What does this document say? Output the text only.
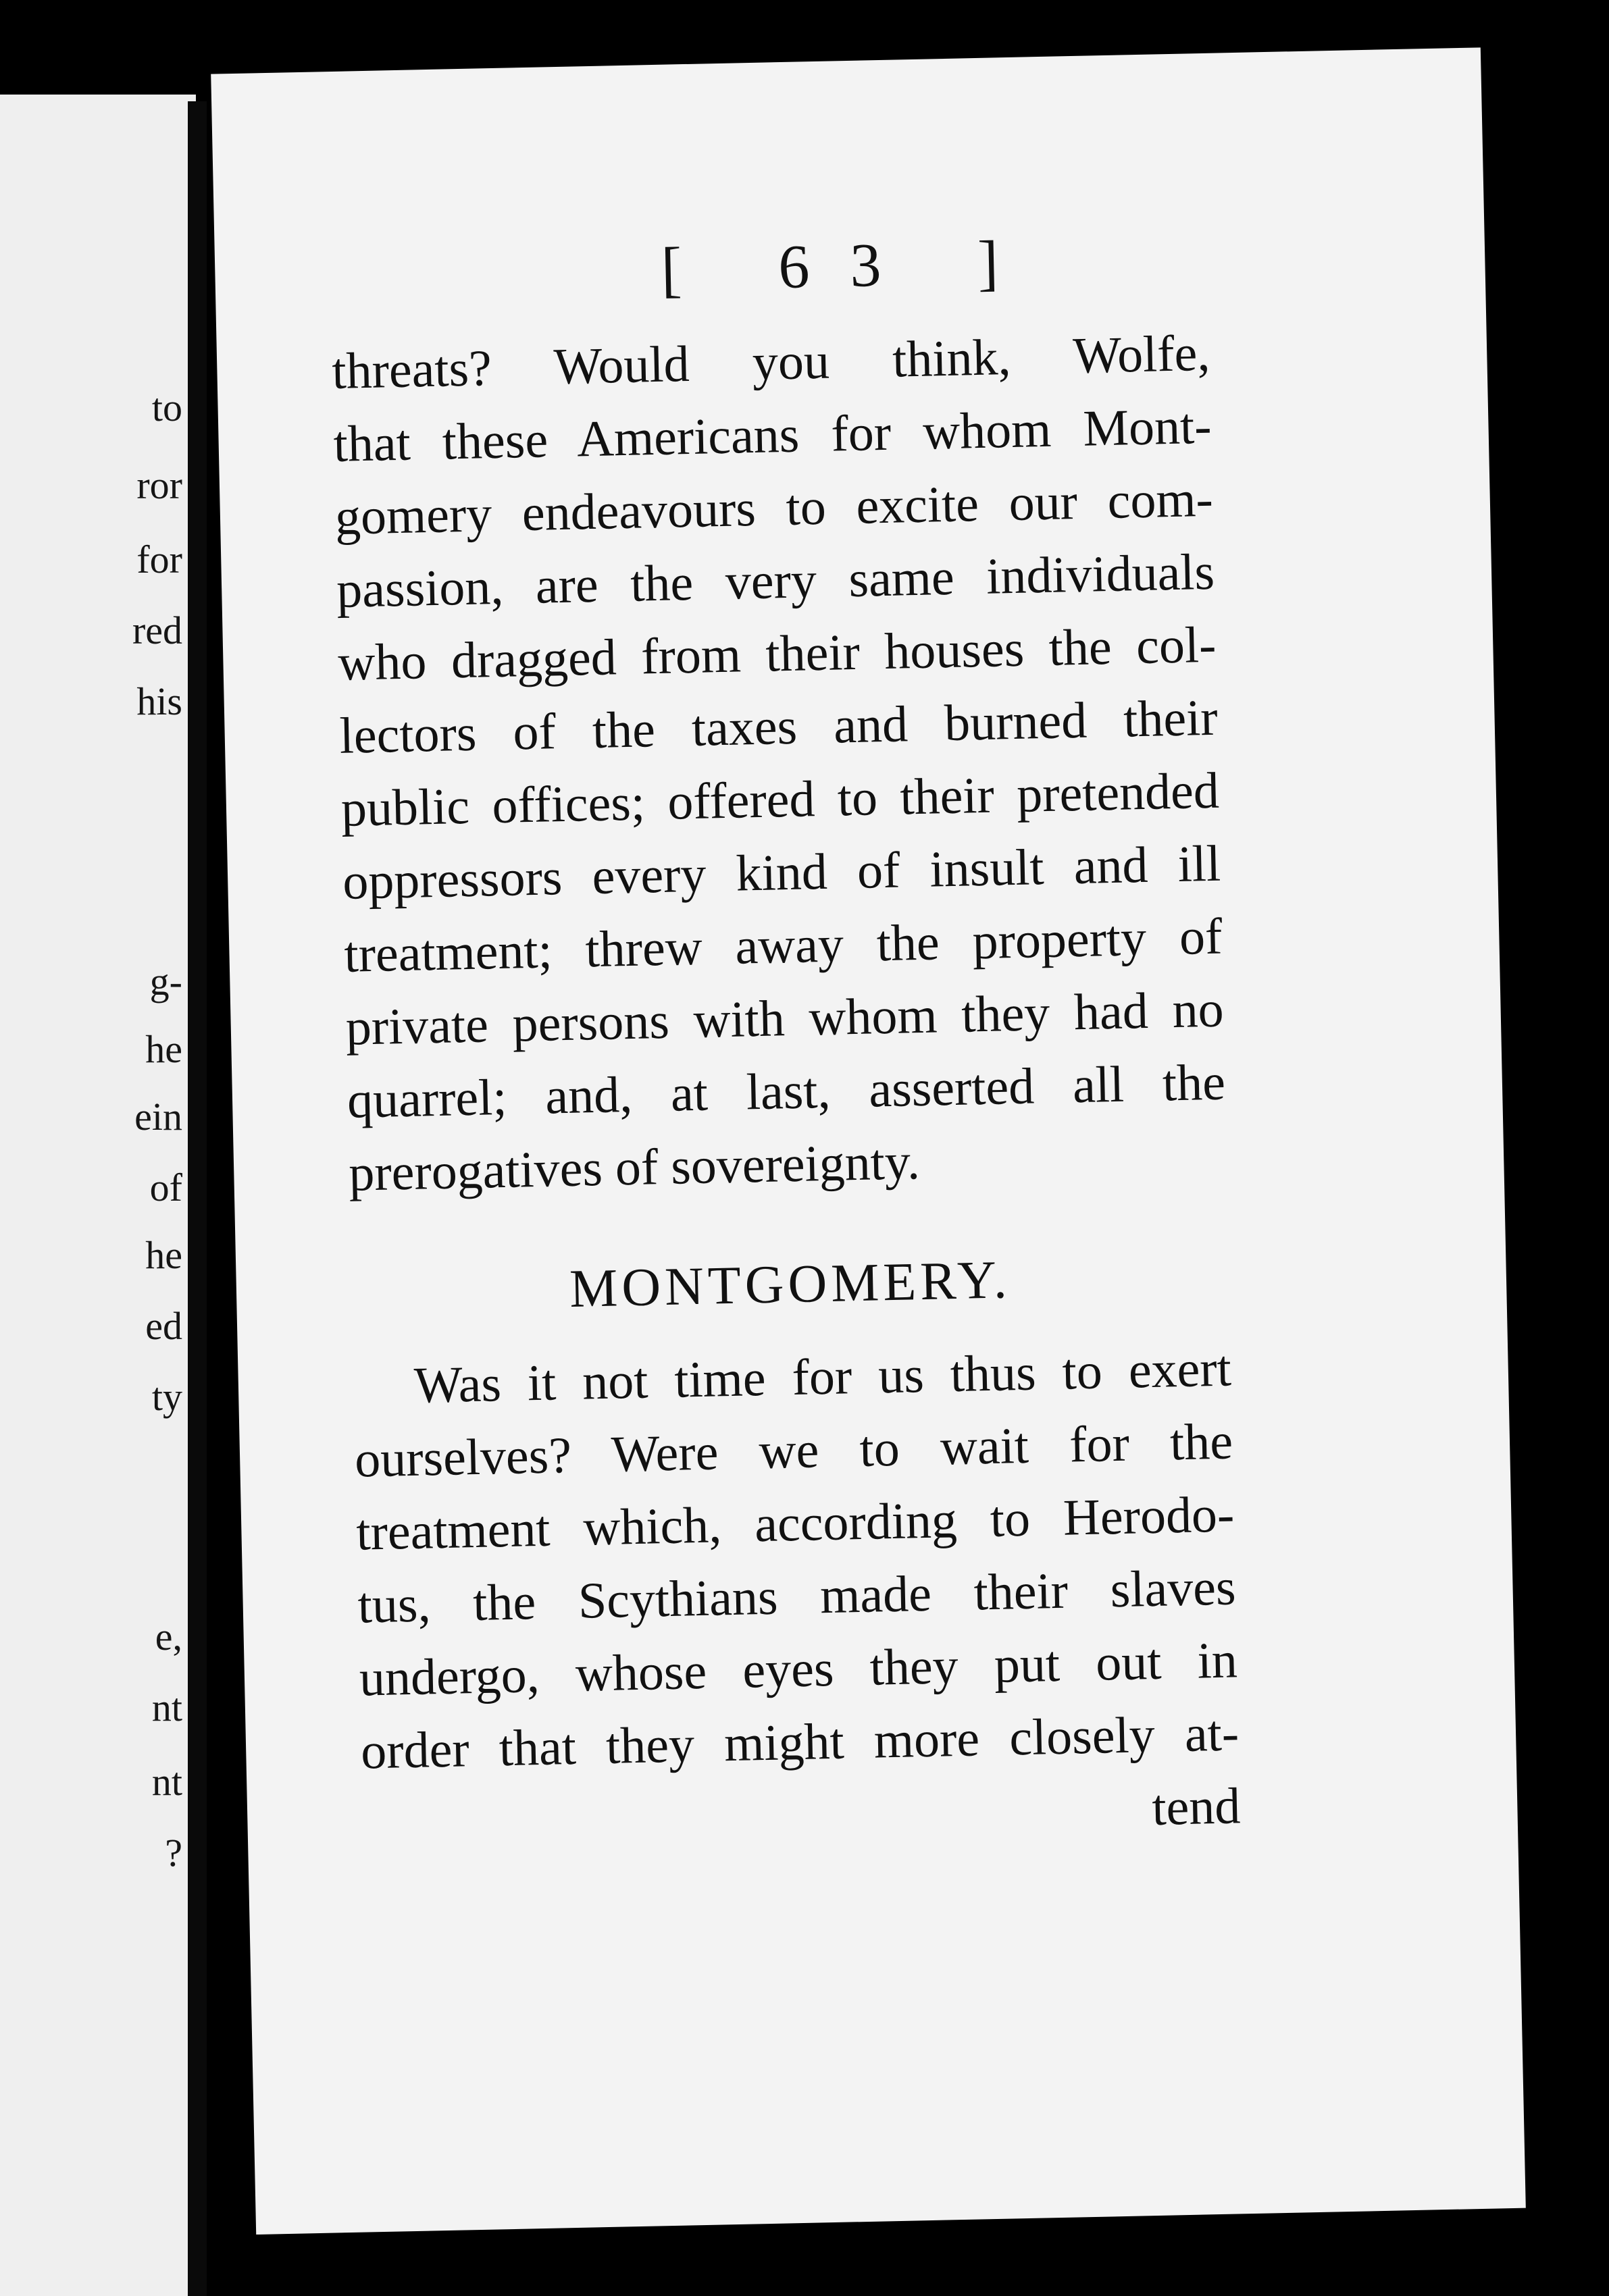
to
ror
for
red
his
g-
he
ein
of
he
ed
ty
e,
nt
nt
?
[ 63 ]
threats? Would you think, Wolfe,
that these Americans for whom Mont-
gomery endeavours to excite our com-
passion, are the very same individuals
who dragged from their houses the col-
lectors of the taxes and burned their
public offices; offered to their pretended
oppressors every kind of insult and ill
treatment; threw away the property of
private persons with whom they had no
quarrel; and, at last, asserted all the
prerogatives of sovereignty.
MONTGOMERY.
Was it not time for us thus to exert
ourselves? Were we to wait for the
treatment which, according to Herodo-
tus, the Scythians made their slaves
undergo, whose eyes they put out in
order that they might more closely at-
tend
